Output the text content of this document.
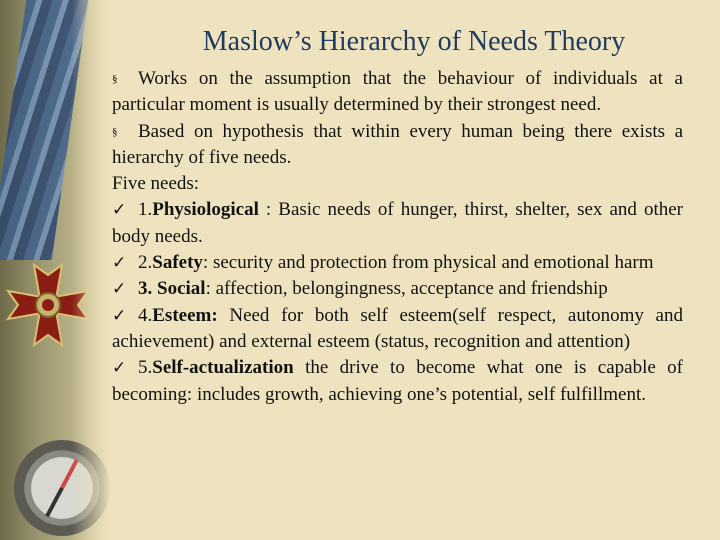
Maslow’s Hierarchy of Needs Theory

§ Works on the assumption that the behaviour of individuals at a particular moment is usually determined by their strongest need.

§ Based on hypothesis that within every human being there exists a hierarchy of five needs.

Five needs:

✓ 1.Physiological : Basic needs of hunger, thirst, shelter, sex and other body needs.

✓ 2.Safety: security and protection from physical and emotional harm

✓ 3. Social: affection, belongingness, acceptance and friendship

✓ 4.Esteem: Need for both self esteem(self respect, autonomy and achievement) and external esteem (status, recognition and attention)

✓ 5.Self-actualization the drive to become what one is capable of becoming: includes growth, achieving one’s potential, self fulfillment.
